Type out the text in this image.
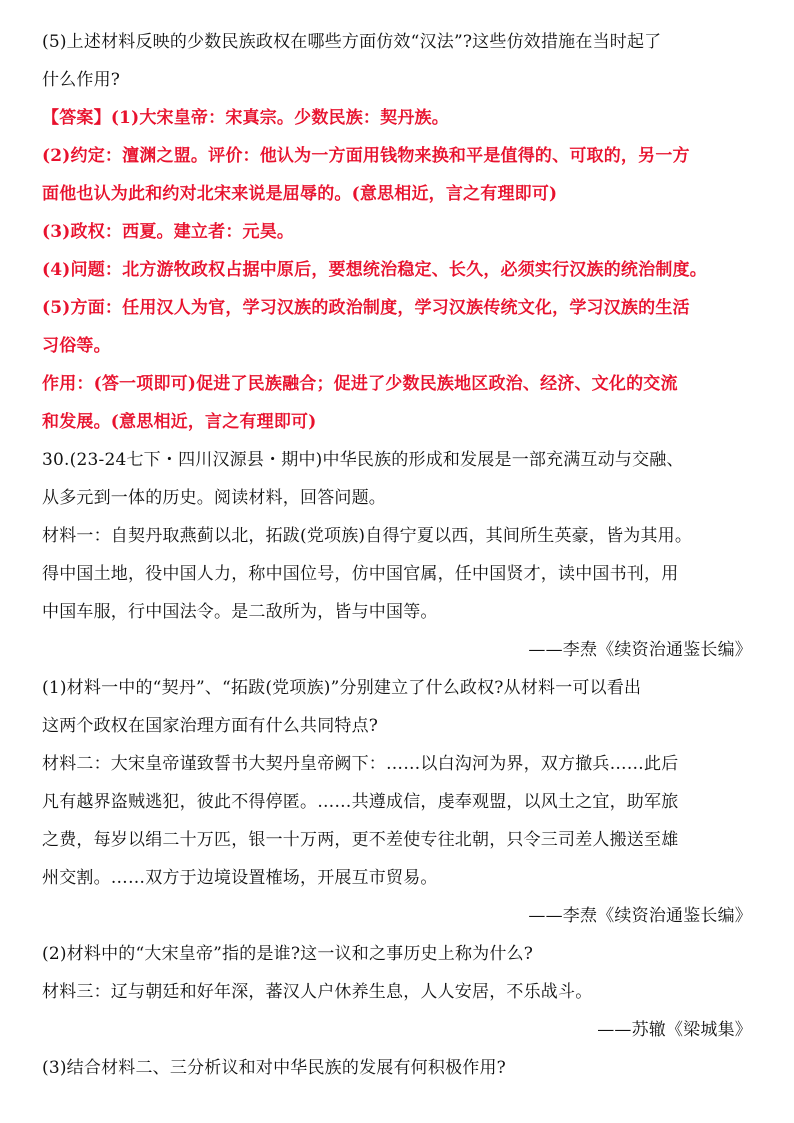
(5)上述材料反映的少数民族政权在哪些方面仿效“汉法”?这些仿效措施在当时起了
什么作用?
【答案】(1)大宋皇帝：宋真宗。少数民族：契丹族。
(2)约定：澶渊之盟。评价：他认为一方面用钱物来换和平是值得的、可取的，另一方
面他也认为此和约对北宋来说是屈辱的。(意思相近，言之有理即可)
(3)政权：西夏。建立者：元昊。
(4)问题：北方游牧政权占据中原后，要想统治稳定、长久，必须实行汉族的统治制度。
(5)方面：任用汉人为官，学习汉族的政治制度，学习汉族传统文化，学习汉族的生活
习俗等。
作用：(答一项即可)促进了民族融合；促进了少数民族地区政治、经济、文化的交流
和发展。(意思相近，言之有理即可)
30.(23-24七下・四川汉源县・期中)中华民族的形成和发展是一部充满互动与交融、
从多元到一体的历史。阅读材料，回答问题。
材料一：自契丹取燕蓟以北，拓跋(党项族)自得宁夏以西，其间所生英豪，皆为其用。
得中国土地，役中国人力，称中国位号，仿中国官属，任中国贤才，读中国书刊，用
中国车服，行中国法令。是二敌所为，皆与中国等。
——李焘《续资治通鉴长编》
(1)材料一中的“契丹”、“拓跋(党项族)”分别建立了什么政权?从材料一可以看出
这两个政权在国家治理方面有什么共同特点?
材料二：大宋皇帝谨致誓书大契丹皇帝阙下：……以白沟河为界，双方撤兵……此后
凡有越界盗贼逃犯，彼此不得停匿。……共遵成信，虔奉观盟，以风土之宜，助军旅
之费，每岁以绢二十万匹，银一十万两，更不差使专往北朝，只令三司差人搬送至雄
州交割。……双方于边境设置榷场，开展互市贸易。
——李焘《续资治通鉴长编》
(2)材料中的“大宋皇帝”指的是谁?这一议和之事历史上称为什么?
材料三：辽与朝廷和好年深，蕃汉人户休养生息，人人安居，不乐战斗。
——苏辙《梁城集》
(3)结合材料二、三分析议和对中华民族的发展有何积极作用?
